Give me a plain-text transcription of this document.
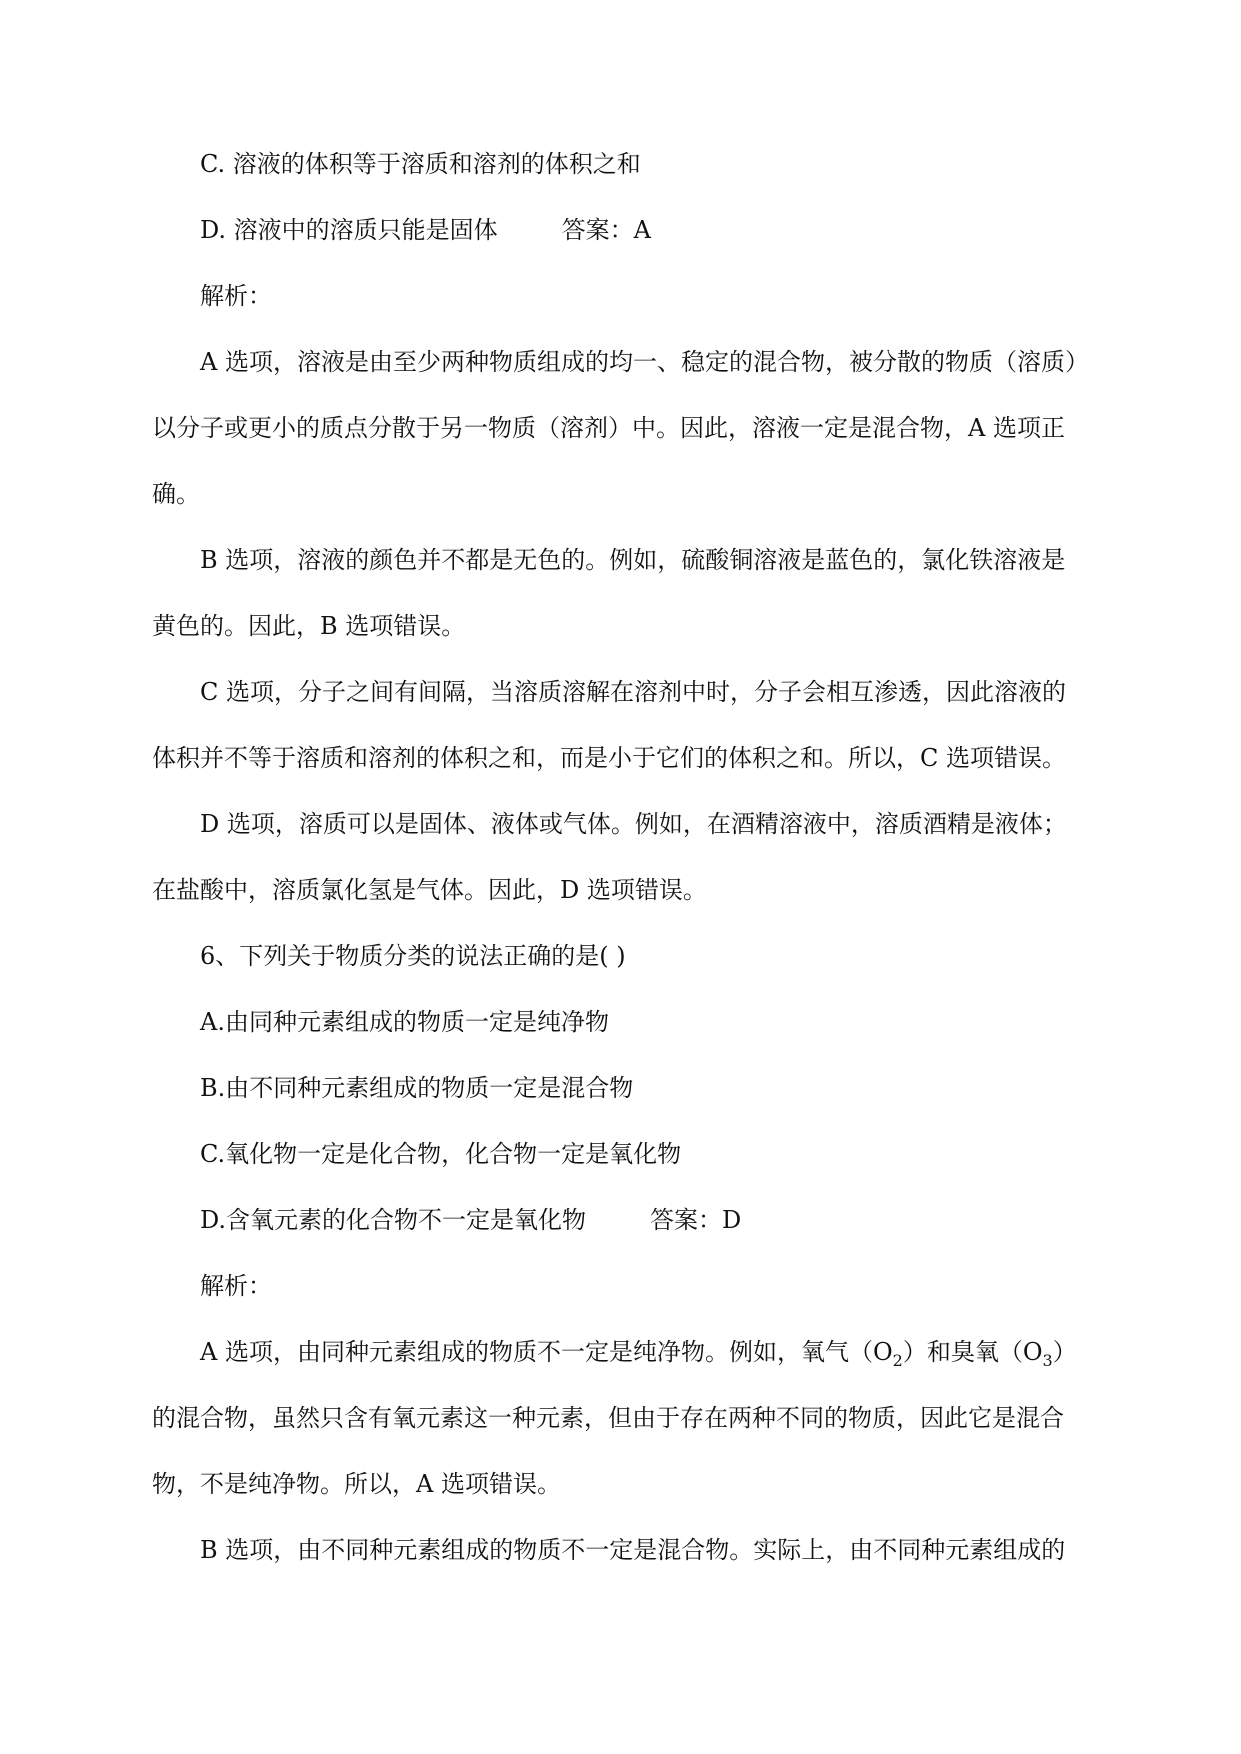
C. 溶液的体积等于溶质和溶剂的体积之和

D. 溶液中的溶质只能是固体	答案：A

解析：

A 选项，溶液是由至少两种物质组成的均一、稳定的混合物，被分散的物质（溶质）

以分子或更小的质点分散于另一物质（溶剂）中。因此，溶液一定是混合物，A 选项正

确。

B 选项，溶液的颜色并不都是无色的。例如，硫酸铜溶液是蓝色的，氯化铁溶液是

黄色的。因此，B 选项错误。

C 选项，分子之间有间隔，当溶质溶解在溶剂中时，分子会相互渗透，因此溶液的

体积并不等于溶质和溶剂的体积之和，而是小于它们的体积之和。所以，C 选项错误。

D 选项，溶质可以是固体、液体或气体。例如，在酒精溶液中，溶质酒精是液体；

在盐酸中，溶质氯化氢是气体。因此，D 选项错误。

6、下列关于物质分类的说法正确的是( )

A.由同种元素组成的物质一定是纯净物

B.由不同种元素组成的物质一定是混合物

C.氧化物一定是化合物，化合物一定是氧化物

D.含氧元素的化合物不一定是氧化物	答案：D

解析：

A 选项，由同种元素组成的物质不一定是纯净物。例如，氧气$(O_2)$和臭氧$(O_3)$

的混合物，虽然只含有氧元素这一种元素，但由于存在两种不同的物质，因此它是混合

物，不是纯净物。所以，A 选项错误。

B 选项，由不同种元素组成的物质不一定是混合物。实际上，由不同种元素组成的
